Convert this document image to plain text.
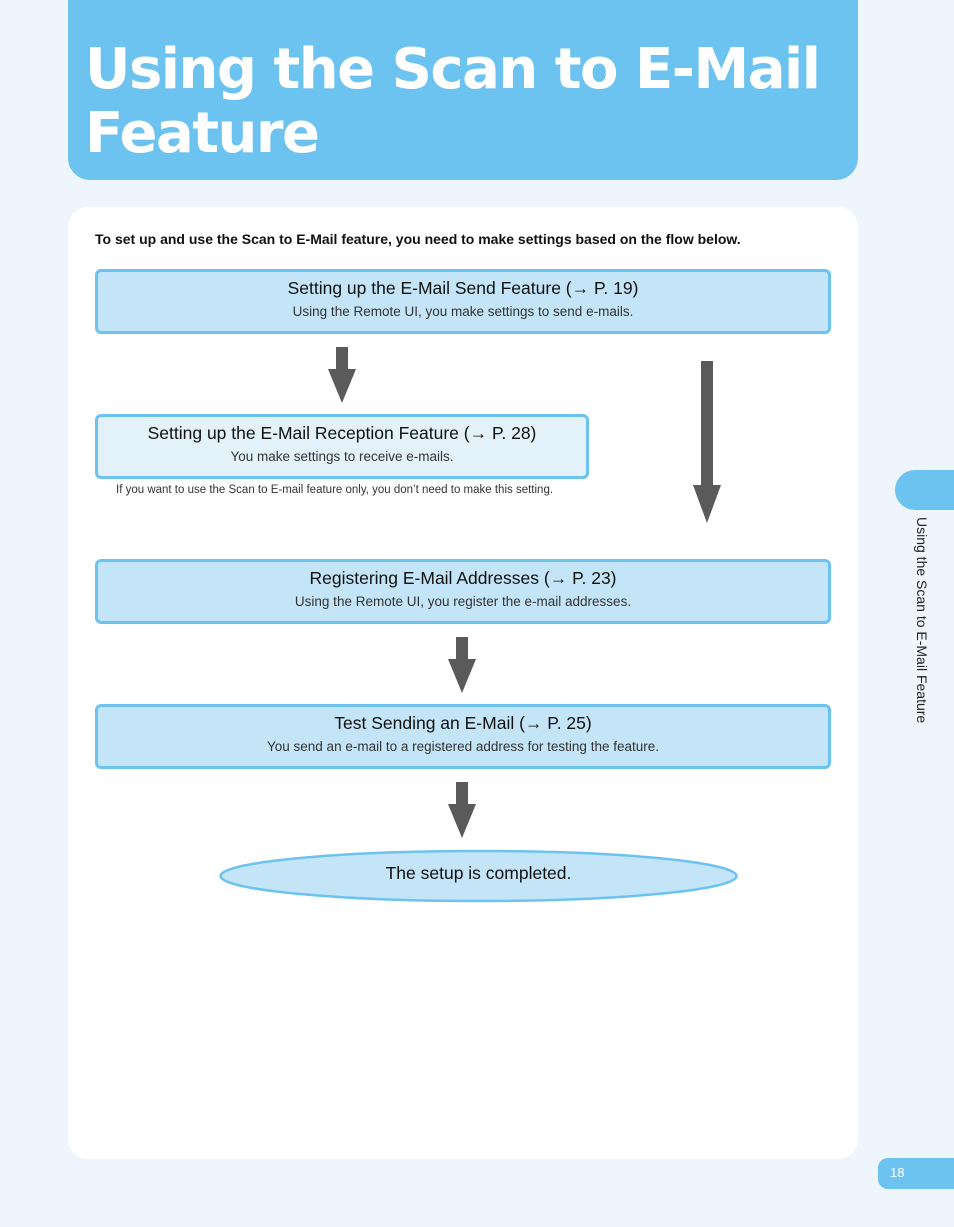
Using the Scan to E-Mail Feature

To set up and use the Scan to E-Mail feature, you need to make settings based on the flow below.

Setting up the E-Mail Send Feature (→ P. 19)
Using the Remote UI, you make settings to send e-mails.
Setting up the E-Mail Reception Feature (→ P. 28)
You make settings to receive e-mails.

If you want to use the Scan to E-mail feature only, you don’t need to make this setting.

Registering E-Mail Addresses (→ P. 23)
Using the Remote UI, you register the e-mail addresses.
Test Sending an E-Mail (→ P. 25)
You send an e-mail to a registered address for testing the feature.
The setup is completed.
Using the Scan to E-Mail Feature
18
